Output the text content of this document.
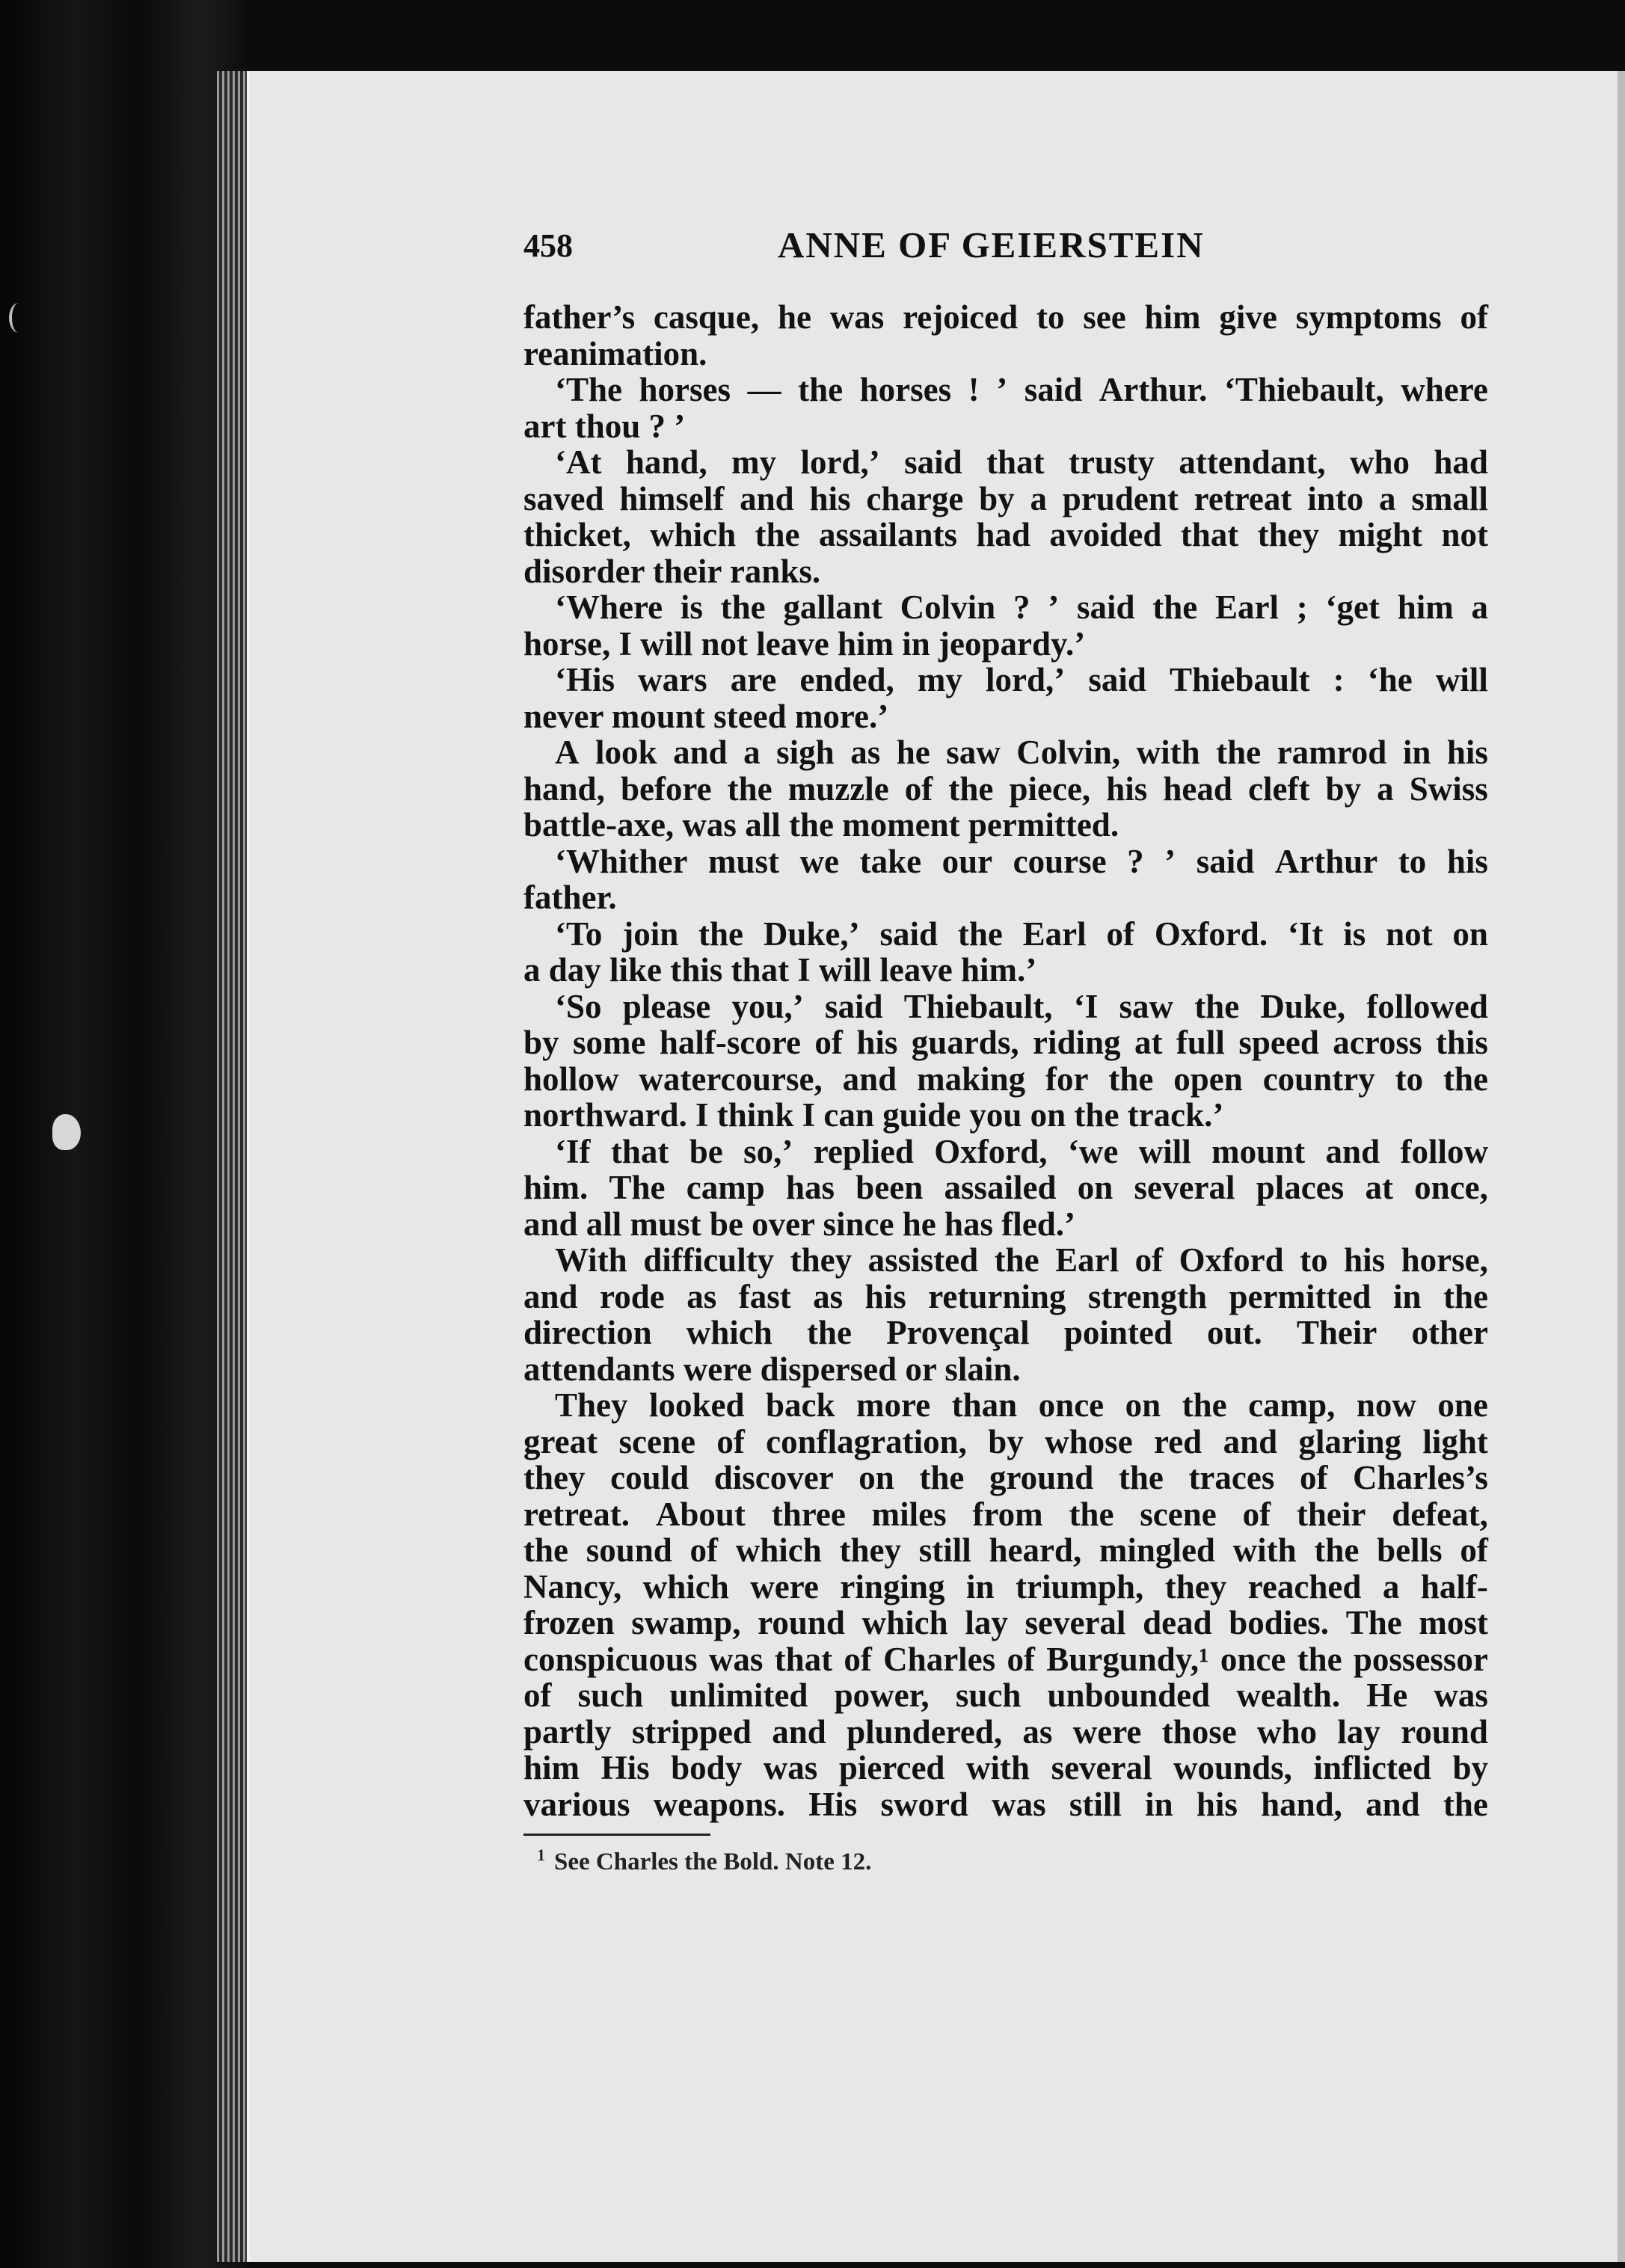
458	ANNE OF GEIERSTEIN
father’s casque, he was rejoiced to see him give symptoms of
reanimation.
‘The horses — the horses ! ’ said Arthur. ‘Thiebault, where
art thou ? ’
‘At hand, my lord,’ said that trusty attendant, who had
saved himself and his charge by a prudent retreat into a small
thicket, which the assailants had avoided that they might not
disorder their ranks.
‘Where is the gallant Colvin ? ’ said the Earl ; ‘get him a
horse, I will not leave him in jeopardy.’
‘His wars are ended, my lord,’ said Thiebault : ‘he will
never mount steed more.’
A look and a sigh as he saw Colvin, with the ramrod in his
hand, before the muzzle of the piece, his head cleft by a Swiss
battle-axe, was all the moment permitted.
‘Whither must we take our course ? ’ said Arthur to his
father.
‘To join the Duke,’ said the Earl of Oxford. ‘It is not on
a day like this that I will leave him.’
‘So please you,’ said Thiebault, ‘I saw the Duke, followed
by some half-score of his guards, riding at full speed across this
hollow watercourse, and making for the open country to the
northward. I think I can guide you on the track.’
‘If that be so,’ replied Oxford, ‘we will mount and follow
him. The camp has been assailed on several places at once,
and all must be over since he has fled.’
With difficulty they assisted the Earl of Oxford to his horse,
and rode as fast as his returning strength permitted in the
direction which the Provençal pointed out. Their other
attendants were dispersed or slain.
They looked back more than once on the camp, now one
great scene of conflagration, by whose red and glaring light
they could discover on the ground the traces of Charles’s
retreat. About three miles from the scene of their defeat,
the sound of which they still heard, mingled with the bells of
Nancy, which were ringing in triumph, they reached a half-
frozen swamp, round which lay several dead bodies. The most
conspicuous was that of Charles of Burgundy,¹ once the possessor
of such unlimited power, such unbounded wealth. He was
partly stripped and plundered, as were those who lay round
him His body was pierced with several wounds, inflicted by
various weapons. His sword was still in his hand, and the
$^1$ See Charles the Bold. Note 12.
